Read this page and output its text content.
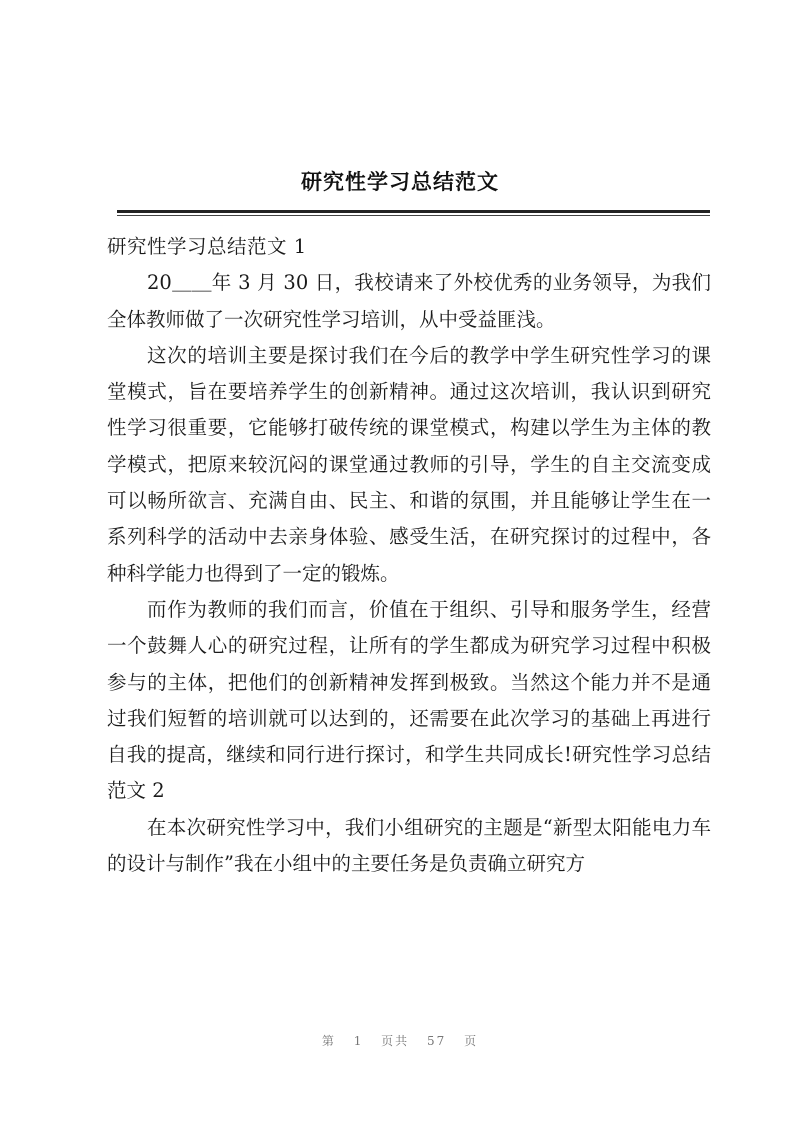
研究性学习总结范文

研究性学习总结范文 1

20＿＿年 3 月 30 日，我校请来了外校优秀的业务领导，为我们全体教师做了一次研究性学习培训，从中受益匪浅。

这次的培训主要是探讨我们在今后的教学中学生研究性学习的课堂模式，旨在要培养学生的创新精神。通过这次培训，我认识到研究性学习很重要，它能够打破传统的课堂模式，构建以学生为主体的教学模式，把原来较沉闷的课堂通过教师的引导，学生的自主交流变成可以畅所欲言、充满自由、民主、和谐的氛围，并且能够让学生在一系列科学的活动中去亲身体验、感受生活，在研究探讨的过程中，各种科学能力也得到了一定的锻炼。

而作为教师的我们而言，价值在于组织、引导和服务学生，经营一个鼓舞人心的研究过程，让所有的学生都成为研究学习过程中积极参与的主体，把他们的创新精神发挥到极致。当然这个能力并不是通过我们短暂的培训就可以达到的，还需要在此次学习的基础上再进行自我的提高，继续和同行进行探讨，和学生共同成长!研究性学习总结范文 2

在本次研究性学习中，我们小组研究的主题是“新型太阳能电力车的设计与制作”我在小组中的主要任务是负责确立研究方

第 1 页共 57 页
